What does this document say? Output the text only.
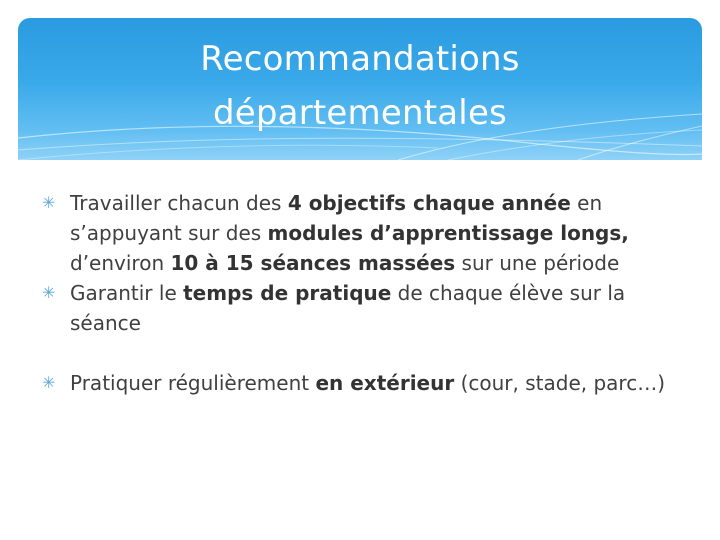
Recommandations
départementales

✳ Travailler chacun des 4 objectifs chaque année en s’appuyant sur des modules d’apprentissage longs, d’environ 10 à 15 séances massées sur une période

✳ Garantir le temps de pratique de chaque élève sur la séance

✳ Pratiquer régulièrement en extérieur (cour, stade, parc…)
